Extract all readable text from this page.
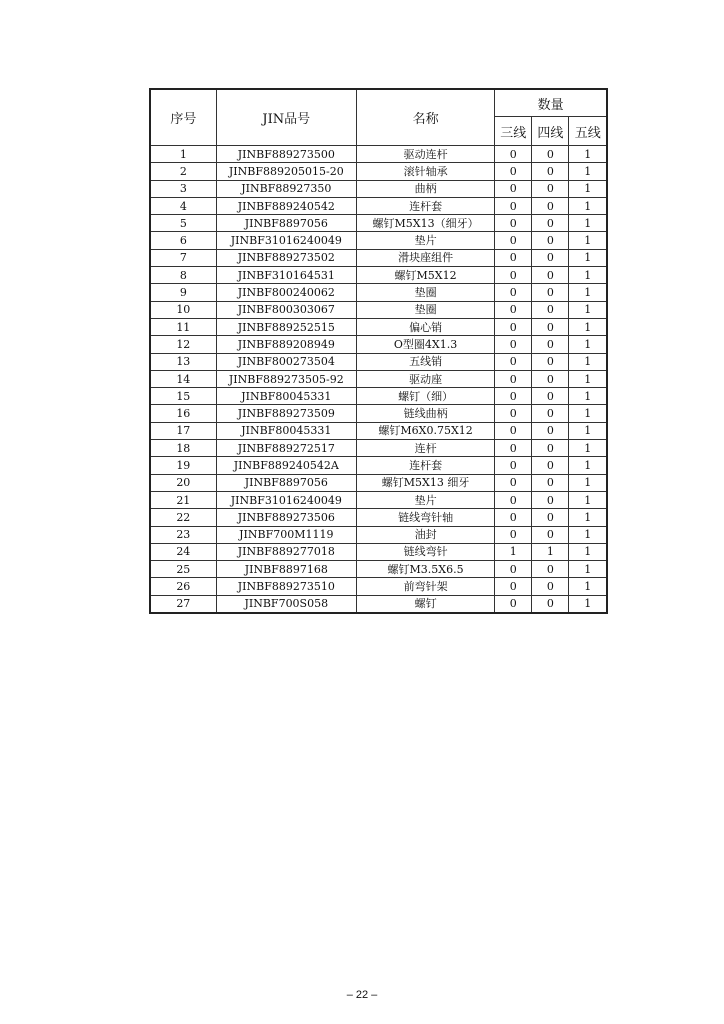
序号	JIN品号	名称	数量		
			三线	四线	五线
1	JINBF889273500	驱动连杆	0	0	1
2	JINBF889205015-20	滚针轴承	0	0	1
3	JINBF88927350	曲柄	0	0	1
4	JINBF889240542	连杆套	0	0	1
5	JINBF8897056	螺钉M5X13（细牙）	0	0	1
6	JINBF31016240049	垫片	0	0	1
7	JINBF889273502	滑块座组件	0	0	1
8	JINBF310164531	螺钉M5X12	0	0	1
9	JINBF800240062	垫圈	0	0	1
10	JINBF800303067	垫圈	0	0	1
11	JINBF889252515	偏心销	0	0	1
12	JINBF889208949	O型圈4X1.3	0	0	1
13	JINBF800273504	五线销	0	0	1
14	JINBF889273505-92	驱动座	0	0	1
15	JINBF80045331	螺钉（细）	0	0	1
16	JINBF889273509	链线曲柄	0	0	1
17	JINBF80045331	螺钉M6X0.75X12	0	0	1
18	JINBF889272517	连杆	0	0	1
19	JINBF889240542A	连杆套	0	0	1
20	JINBF8897056	螺钉M5X13 细牙	0	0	1
21	JINBF31016240049	垫片	0	0	1
22	JINBF889273506	链线弯针轴	0	0	1
23	JINBF700M1119	油封	0	0	1
24	JINBF889277018	链线弯针	1	1	1
25	JINBF8897168	螺钉M3.5X6.5	0	0	1
26	JINBF889273510	前弯针架	0	0	1
27	JINBF700S058	螺钉	0	0	1
– 22 –
